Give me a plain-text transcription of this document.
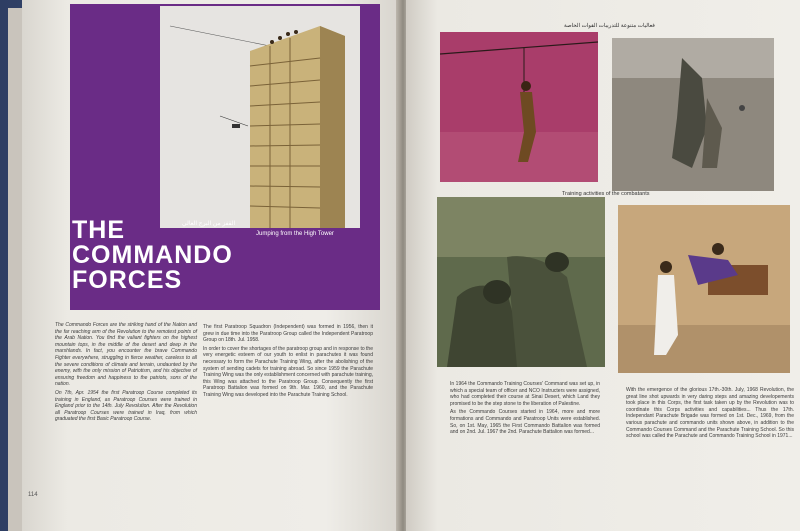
THE
COMMANDO
FORCES
القفز من البرج العالي
Jumping from the High Tower

The Commando Forces are the striking hand of the Nation and the far reaching arm of the Revolution to the remotest points of the Arab Nation. You find the valiant fighters on the highest mountain tops, in the middle of the desert and deep in the marshlands. In fact, you encounter the brave Commando Fighter everywhere, struggling in fierce weather, careless to all the severe conditions of climate and terrain, undaunted by the enemy, with the only mission of Patriotism, and his objective of ensuring freedom and happiness to the patriots, sons of the nation.

On 7th, Apr. 1954 the first Paratroop Course completed its training in England, as Paratroop Courses were trained in England prior to the 14th. July Revolution. After the Revolution all Paratroop Courses were trained in Iraq, from which graduated the first Basic Paratroop Course.

The first Paratroop Squadron (Independent) was formed in 1956, then it grew in due time into the Paratroop Group called the Independent Paratroop Group on 18th. Jul. 1958.

In order to cover the shortages of the paratroop group and in response to the very energetic esteem of our youth to enlist in parachutes it was found necessary to form the Parachute Training Wing, after the abolishing of the system of sending cadets for training abroad. So since 1959 the Parachute Training Wing was the only establishment concerned with parachute training, this Wing was attached to the Paratroop Group. Consequently the first Paratroop Battalion was formed on 9th. Mar. 1960, and the Parachute Training Wing was developed into the Parachute Training School.

114
فعاليات متنوعة للتدريبات القوات الخاصة
Training activities of the combatants

In 1964 the Commando Training Courses' Command was set up, in which a special team of officer and NCO Instructers were assigned, who had completed their course at Sinai Desert, which Land they promised to be the step stone to the liberation of Palestine.

As the Commando Courses started in 1964, more and more formations and Commando and Paratroop Units were established. So, on 1st. May, 1965 the First Commando Battalion was formed and on 2nd. Jul. 1967 the 2nd. Parachute Battalion was formed...

With the emergence of the glorious 17th.-30th. July, 1968 Revolution, the great line shot upwards in very daring steps and amazing developements took place in this Corps, the first task taken up by the Revolution was to coordinate this Corps activities and capabilities... Thus the 17th. Independant Parachute Brigade was formed on 1st. Dec., 1969, from the various parachute and commando units shown above, in addition to the Commando Courses Command and the Parachute Training School. So this school was called the Parachute and Commando Training School in 1971...
